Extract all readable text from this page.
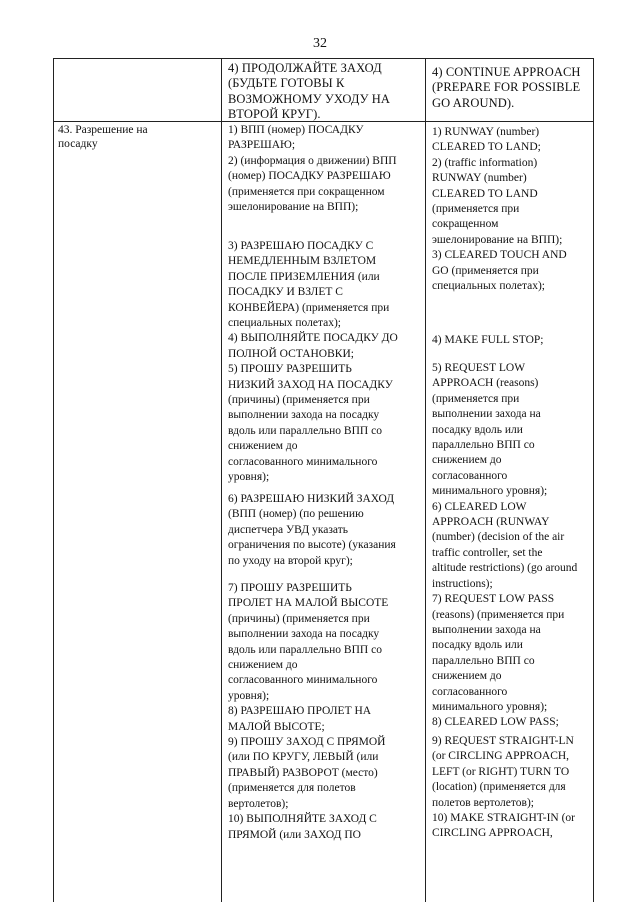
32
4) ПРОДОЛЖАЙТЕ ЗАХОД
(БУДЬТЕ ГОТОВЫ К
ВОЗМОЖНОМУ УХОДУ НА
ВТОРОЙ КРУГ).
4) CONTINUE APPROACH
(PREPARE FOR POSSIBLE
GO AROUND).
43. Разрешение на
посадку
1) ВПП (номер) ПОСАДКУ
РАЗРЕШАЮ;
2) (информация о движении) ВПП
(номер) ПОСАДКУ РАЗРЕШАЮ
(применяется при сокращенном
эшелонирование на ВПП);
3) РАЗРЕШАЮ ПОСАДКУ С
НЕМЕДЛЕННЫМ ВЗЛЕТОМ
ПОСЛЕ ПРИЗЕМЛЕНИЯ (или
ПОСАДКУ И ВЗЛЕТ С
КОНВЕЙЕРА) (применяется при
специальных полетах);
4) ВЫПОЛНЯЙТЕ ПОСАДКУ ДО
ПОЛНОЙ ОСТАНОВКИ;
5) ПРОШУ РАЗРЕШИТЬ
НИЗКИЙ ЗАХОД НА ПОСАДКУ
(причины) (применяется при
выполнении захода на посадку
вдоль или параллельно ВПП со
снижением до
согласованного минимального
уровня);
6) РАЗРЕШАЮ НИЗКИЙ ЗАХОД
(ВПП (номер) (по решению
диспетчера УВД указать
ограничения по высоте) (указания
по уходу на второй круг);
7) ПРОШУ РАЗРЕШИТЬ
ПРОЛЕТ НА МАЛОЙ ВЫСОТЕ
(причины) (применяется при
выполнении захода на посадку
вдоль или параллельно ВПП со
снижением до
согласованного минимального
уровня);
8) РАЗРЕШАЮ ПРОЛЕТ НА
МАЛОЙ ВЫСОТЕ;
9) ПРОШУ ЗАХОД С ПРЯМОЙ
(или ПО КРУГУ, ЛЕВЫЙ (или
ПРАВЫЙ) РАЗВОРОТ (место)
(применяется для полетов
вертолетов);
10) ВЫПОЛНЯЙТЕ ЗАХОД С
ПРЯМОЙ (или ЗАХОД ПО
1) RUNWAY (number)
CLEARED TO LAND;
2) (traffic information)
RUNWAY (number)
CLEARED TO LAND
(применяется при
сокращенном
эшелонирование на ВПП);
3) CLEARED TOUCH AND
GO (применяется при
специальных полетах);
4) MAKE FULL STOP;
5) REQUEST LOW
APPROACH (reasons)
(применяется при
выполнении захода на
посадку вдоль или
параллельно ВПП со
снижением до
согласованного
минимального уровня);
6) CLEARED LOW
APPROACH (RUNWAY
(number) (decision of the air
traffic controller, set the
altitude restrictions) (go around
instructions);
7) REQUEST LOW PASS
(reasons) (применяется при
выполнении захода на
посадку вдоль или
параллельно ВПП со
снижением до
согласованного
минимального уровня);
8) CLEARED LOW PASS;
9) REQUEST STRAIGHT-LN
(or CIRCLING APPROACH,
LEFT (or RIGHT) TURN TO
(location) (применяется для
полетов вертолетов);
10) MAKE STRAIGHT-IN (or
CIRCLING APPROACH,
